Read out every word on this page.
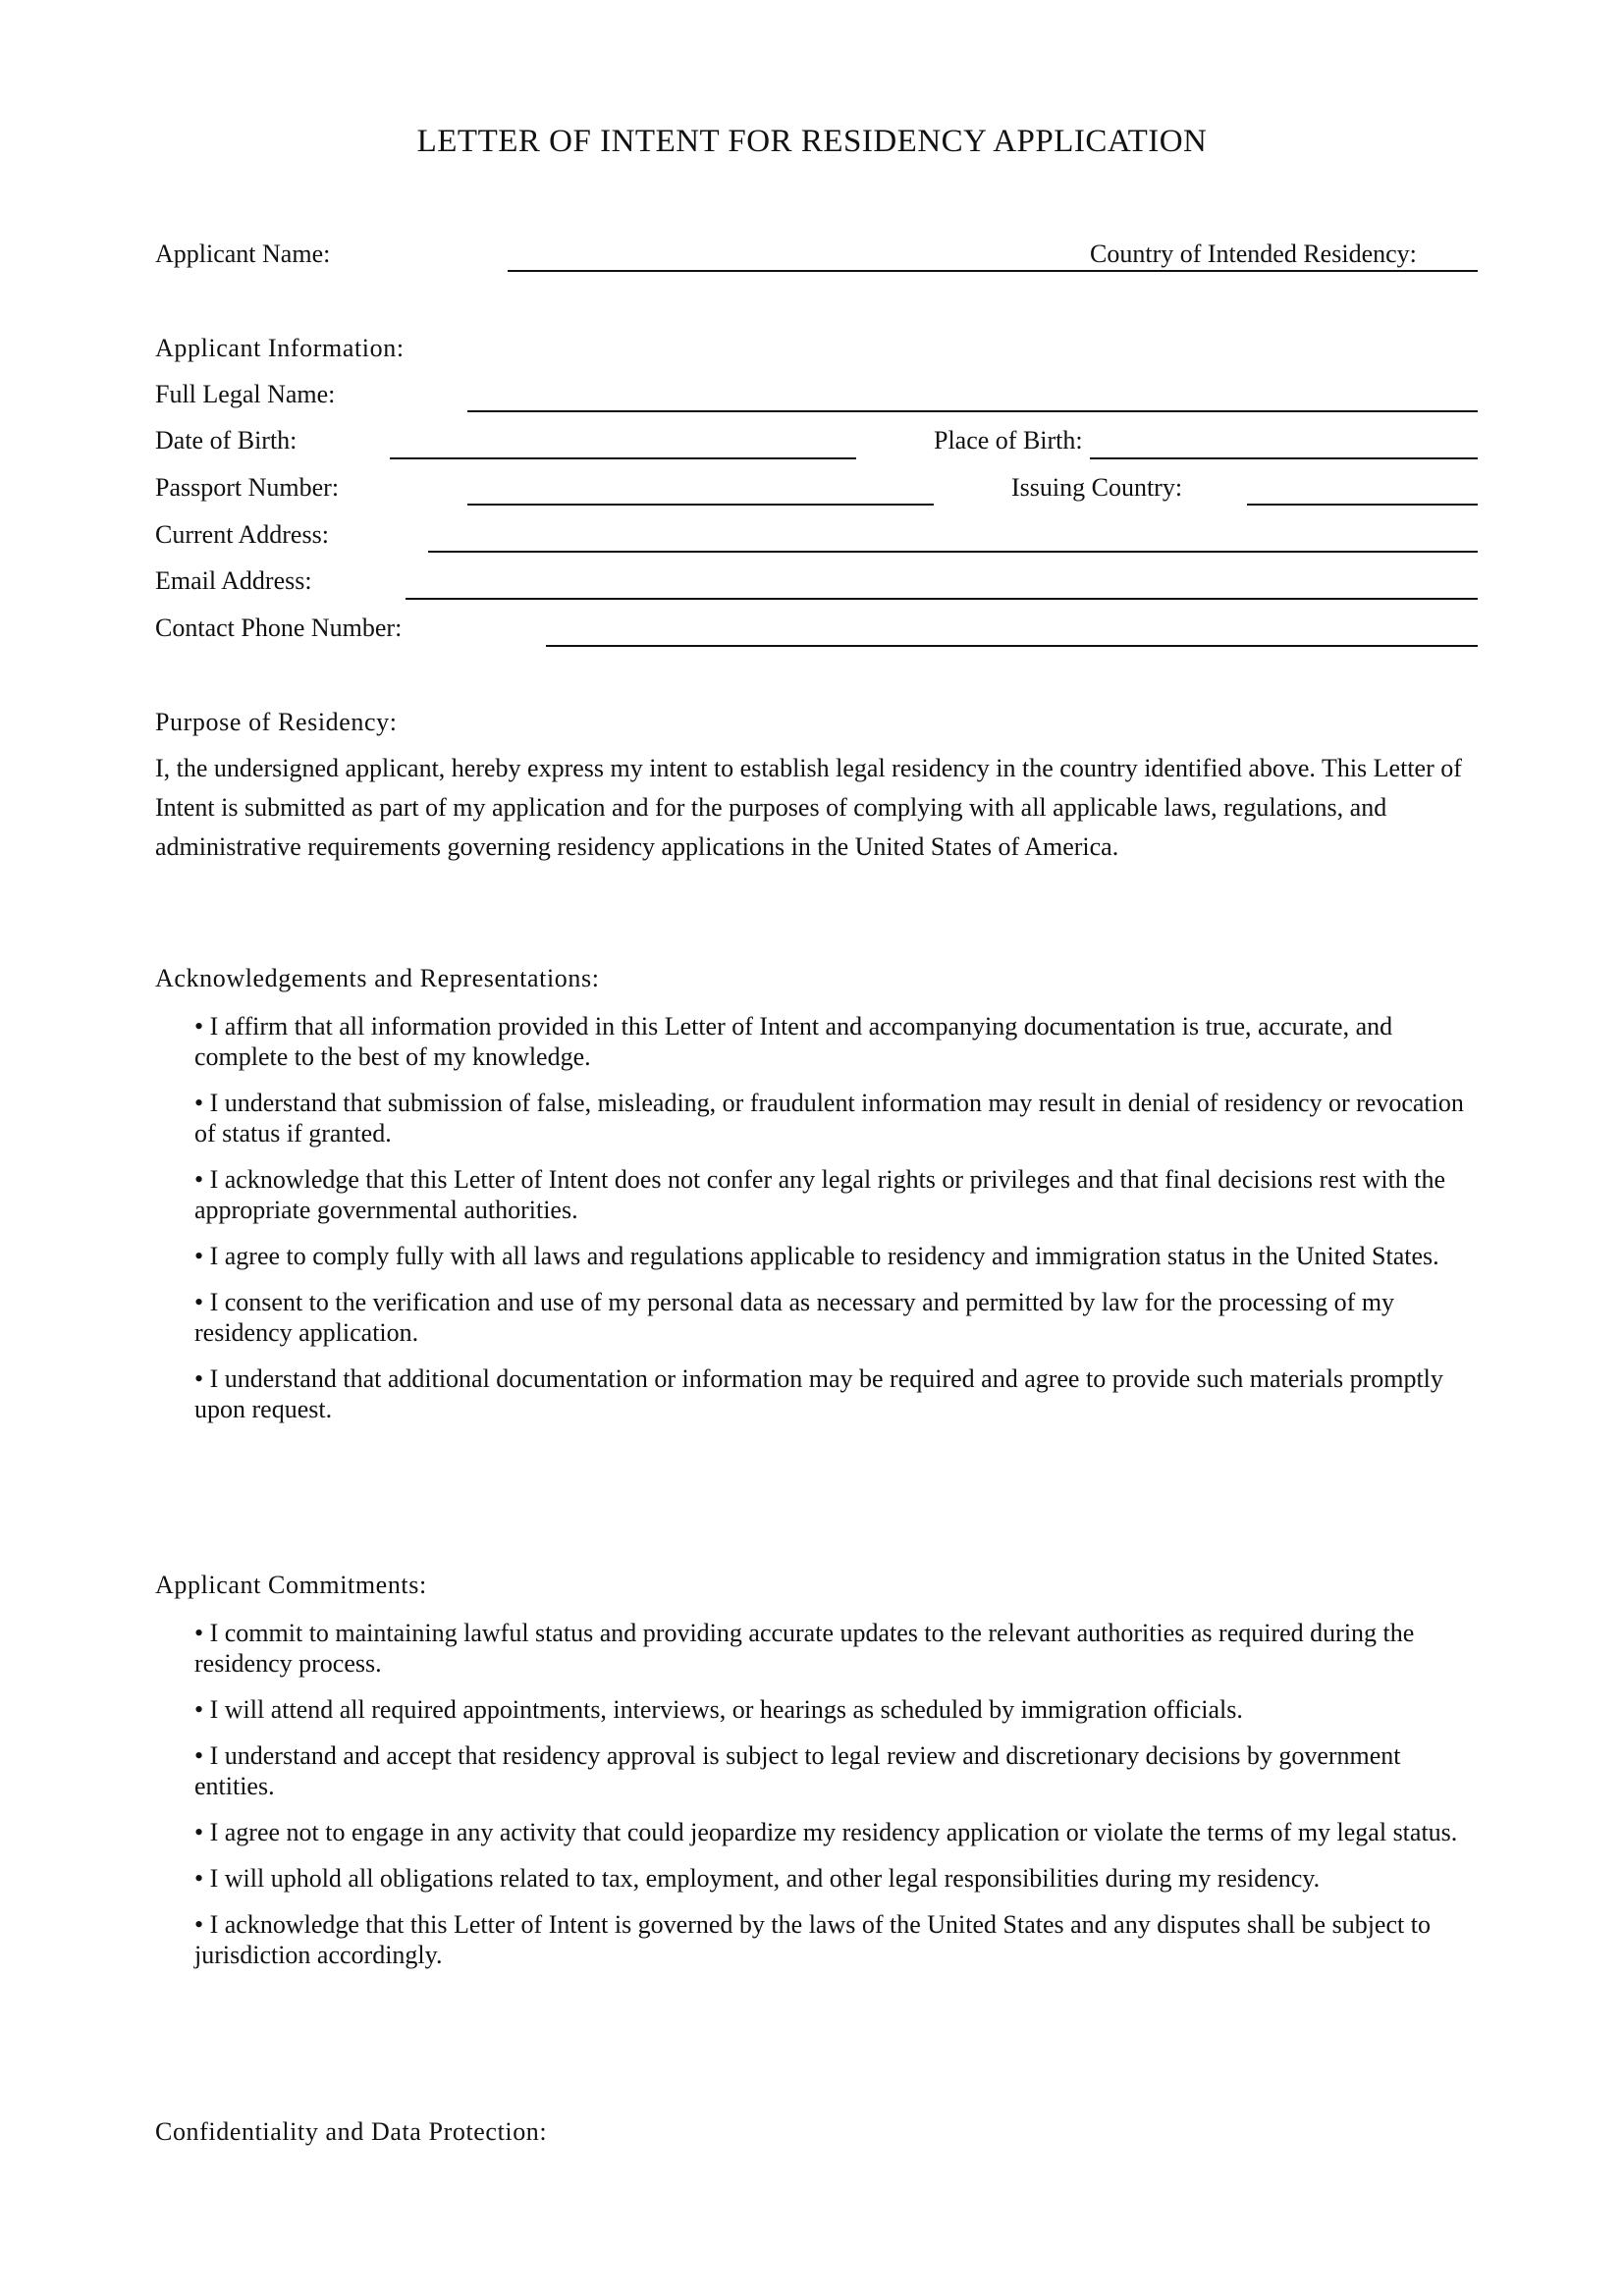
LETTER OF INTENT FOR RESIDENCY APPLICATION
Applicant Name:	Country of Intended Residency:
Applicant Information:
Full Legal Name:
Date of Birth:	Place of Birth:
Passport Number:	Issuing Country:
Current Address:
Email Address:
Contact Phone Number:
Purpose of Residency:
I, the undersigned applicant, hereby express my intent to establish legal residency in the country identified above. This Letter of Intent is submitted as part of my application and for the purposes of complying with all applicable laws, regulations, and administrative requirements governing residency applications in the United States of America.
Acknowledgements and Representations:
• I affirm that all information provided in this Letter of Intent and accompanying documentation is true, accurate, and complete to the best of my knowledge.
• I understand that submission of false, misleading, or fraudulent information may result in denial of residency or revocation of status if granted.
• I acknowledge that this Letter of Intent does not confer any legal rights or privileges and that final decisions rest with the appropriate governmental authorities.
• I agree to comply fully with all laws and regulations applicable to residency and immigration status in the United States.
• I consent to the verification and use of my personal data as necessary and permitted by law for the processing of my residency application.
• I understand that additional documentation or information may be required and agree to provide such materials promptly upon request.
Applicant Commitments:
• I commit to maintaining lawful status and providing accurate updates to the relevant authorities as required during the residency process.
• I will attend all required appointments, interviews, or hearings as scheduled by immigration officials.
• I understand and accept that residency approval is subject to legal review and discretionary decisions by government entities.
• I agree not to engage in any activity that could jeopardize my residency application or violate the terms of my legal status.
• I will uphold all obligations related to tax, employment, and other legal responsibilities during my residency.
• I acknowledge that this Letter of Intent is governed by the laws of the United States and any disputes shall be subject to jurisdiction accordingly.
Confidentiality and Data Protection:
